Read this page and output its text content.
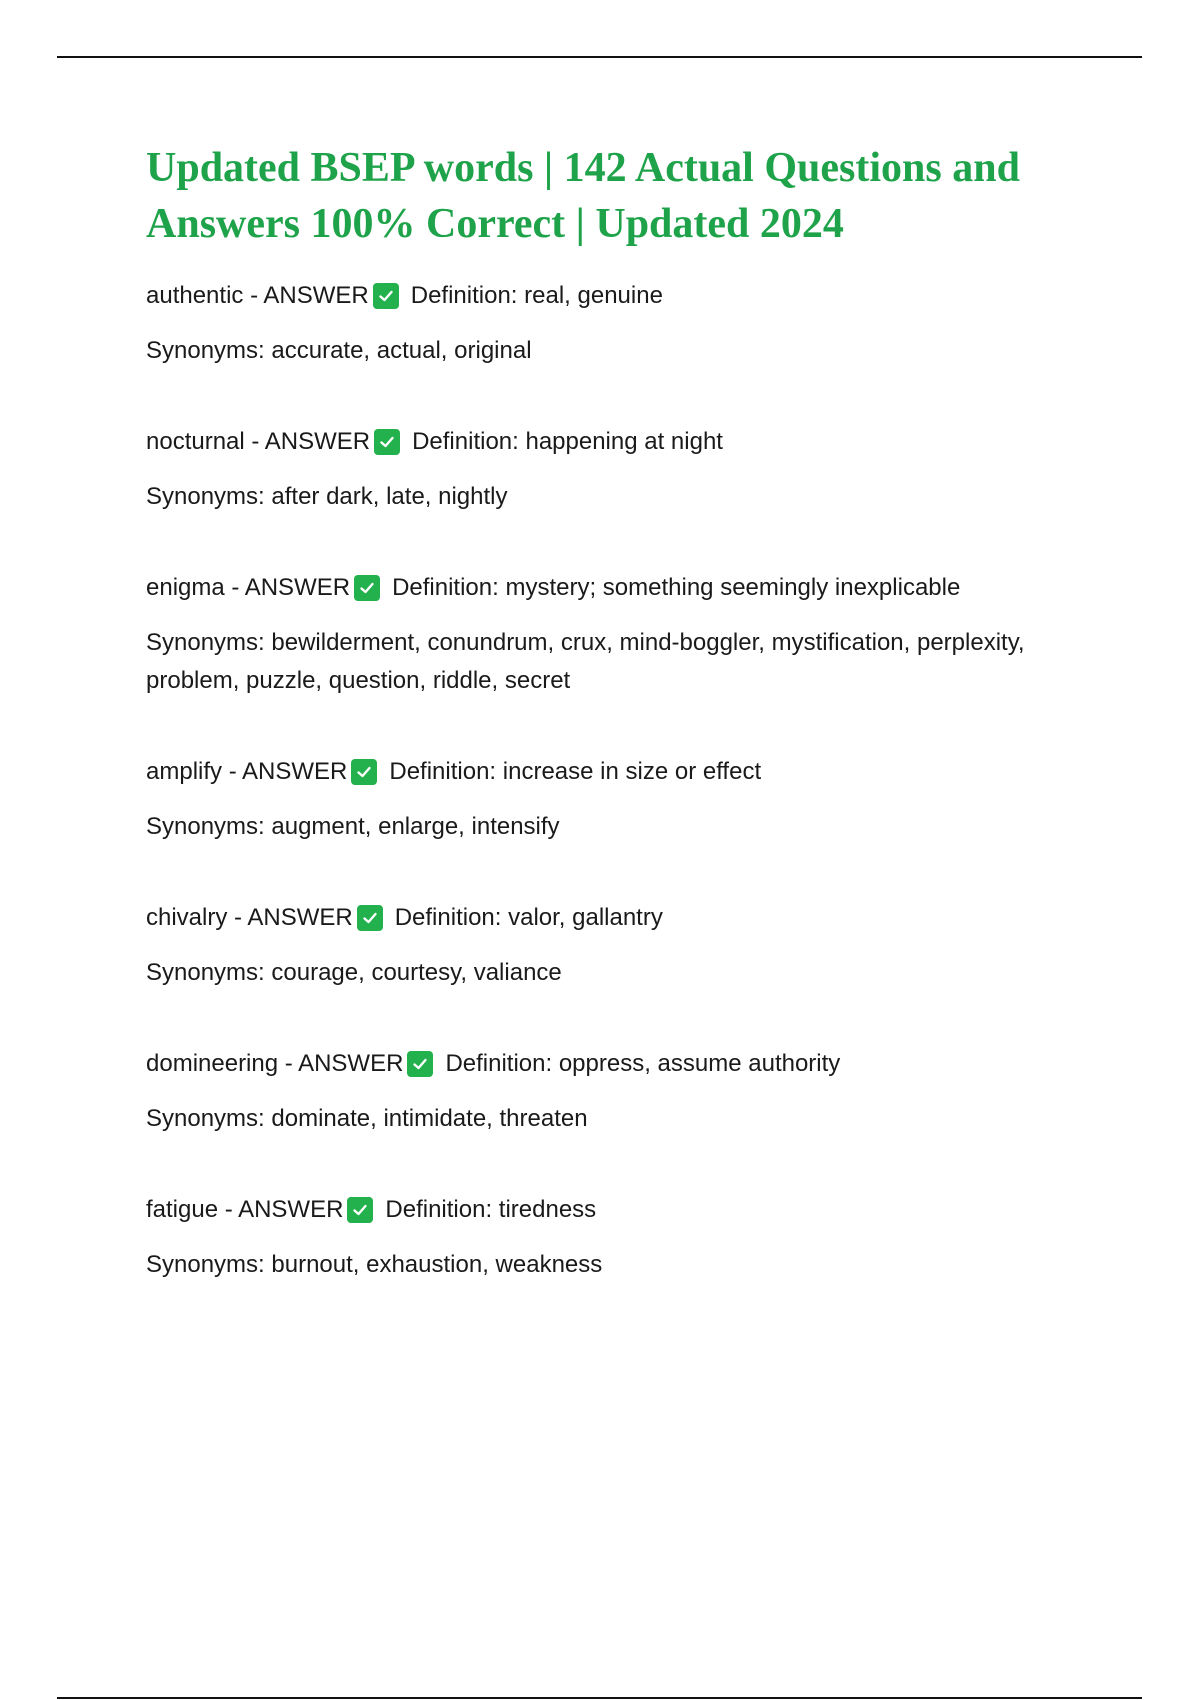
Updated BSEP words | 142 Actual Questions and Answers 100% Correct | Updated 2024

authentic - ANSWER Definition: real, genuine

Synonyms: accurate, actual, original

nocturnal - ANSWER Definition: happening at night

Synonyms: after dark, late, nightly

enigma - ANSWER Definition: mystery; something seemingly inexplicable

Synonyms: bewilderment, conundrum, crux, mind-boggler, mystification, perplexity, problem, puzzle, question, riddle, secret

amplify - ANSWER Definition: increase in size or effect

Synonyms: augment, enlarge, intensify

chivalry - ANSWER Definition: valor, gallantry

Synonyms: courage, courtesy, valiance

domineering - ANSWER Definition: oppress, assume authority

Synonyms: dominate, intimidate, threaten

fatigue - ANSWER Definition: tiredness

Synonyms: burnout, exhaustion, weakness
